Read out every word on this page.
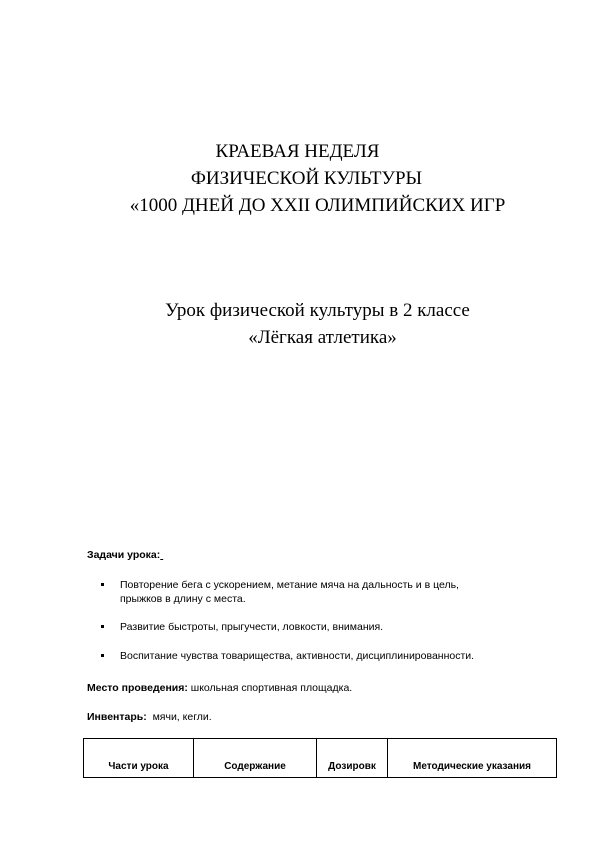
КРАЕВАЯ НЕДЕЛЯ
ФИЗИЧЕСКОЙ КУЛЬТУРЫ
«1000 ДНЕЙ ДО XXII ОЛИМПИЙСКИХ ИГР
Урок физической культуры в 2 классе
«Лёгкая атлетика»
Задачи урока:
Повторение бега с ускорением, метание мяча на дальность и в цель,
прыжков в длину с места.
Развитие быстроты, прыгучести, ловкости, внимания.
Воспитание чувства товарищества, активности, дисциплинированности.
Место проведения: школьная спортивная площадка.
Инвентарь:  мячи, кегли.
Части урока	Содержание	Дозировк	Методические указания
